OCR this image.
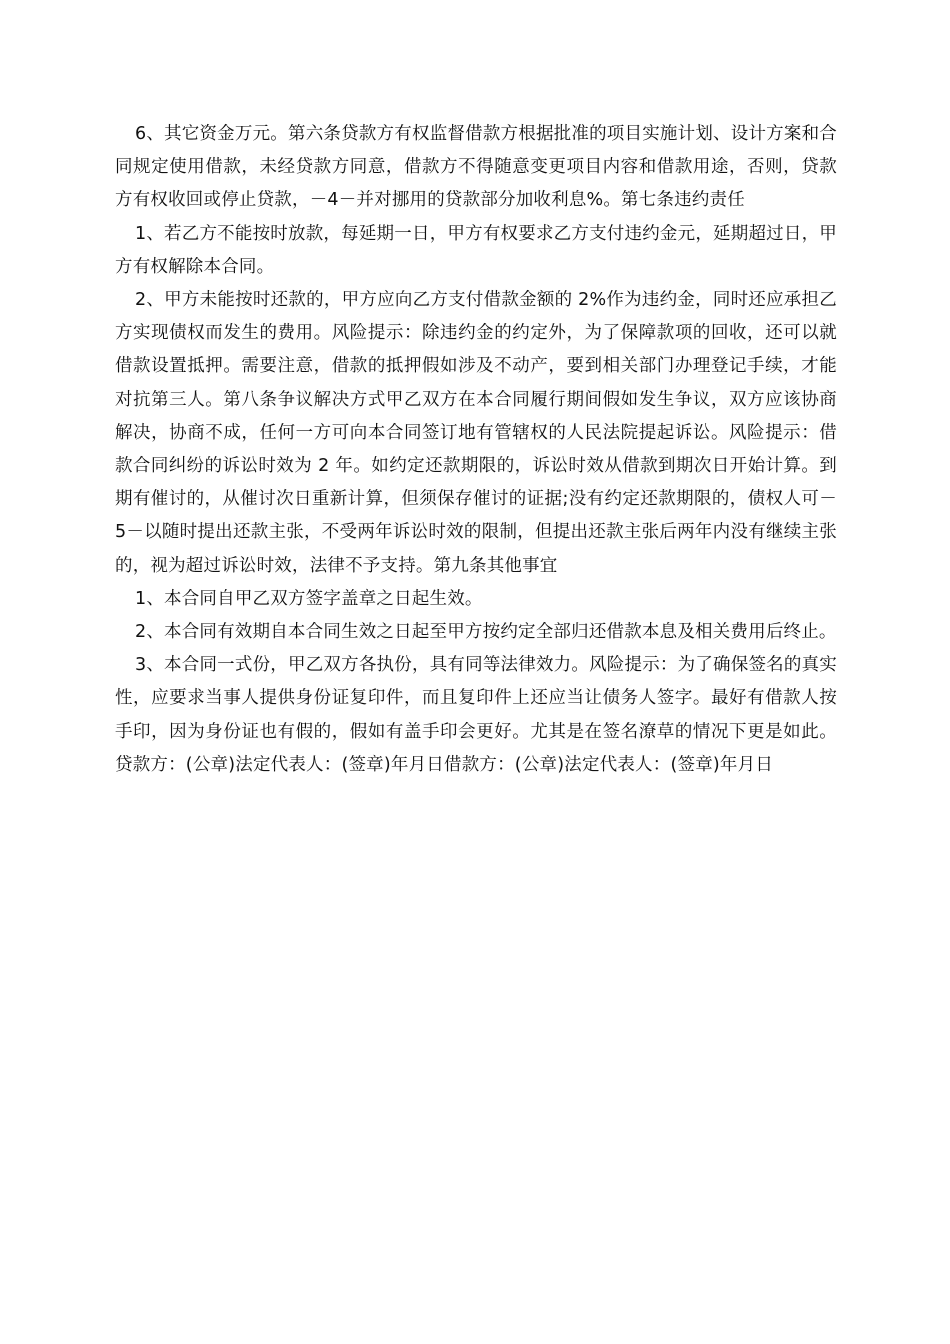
6、其它资金万元。第六条贷款方有权监督借款方根据批准的项目实施计划、设计方案和合同规定使用借款，未经贷款方同意，借款方不得随意变更项目内容和借款用途，否则，贷款方有权收回或停止贷款，－4－并对挪用的贷款部分加收利息%。第七条违约责任

1、若乙方不能按时放款，每延期一日，甲方有权要求乙方支付违约金元，延期超过日，甲方有权解除本合同。

2、甲方未能按时还款的，甲方应向乙方支付借款金额的 2%作为违约金，同时还应承担乙方实现债权而发生的费用。风险提示：除违约金的约定外，为了保障款项的回收，还可以就借款设置抵押。需要注意，借款的抵押假如涉及不动产，要到相关部门办理登记手续，才能对抗第三人。第八条争议解决方式甲乙双方在本合同履行期间假如发生争议，双方应该协商解决，协商不成，任何一方可向本合同签订地有管辖权的人民法院提起诉讼。风险提示：借款合同纠纷的诉讼时效为 2 年。如约定还款期限的，诉讼时效从借款到期次日开始计算。到期有催讨的，从催讨次日重新计算，但须保存催讨的证据;没有约定还款期限的，债权人可－5－以随时提出还款主张，不受两年诉讼时效的限制，但提出还款主张后两年内没有继续主张的，视为超过诉讼时效，法律不予支持。第九条其他事宜

1、本合同自甲乙双方签字盖章之日起生效。

2、本合同有效期自本合同生效之日起至甲方按约定全部归还借款本息及相关费用后终止。

3、本合同一式份，甲乙双方各执份，具有同等法律效力。风险提示：为了确保签名的真实性，应要求当事人提供身份证复印件，而且复印件上还应当让债务人签字。最好有借款人按手印，因为身份证也有假的，假如有盖手印会更好。尤其是在签名潦草的情况下更是如此。贷款方：(公章)法定代表人：(签章)年月日借款方：(公章)法定代表人：(签章)年月日
